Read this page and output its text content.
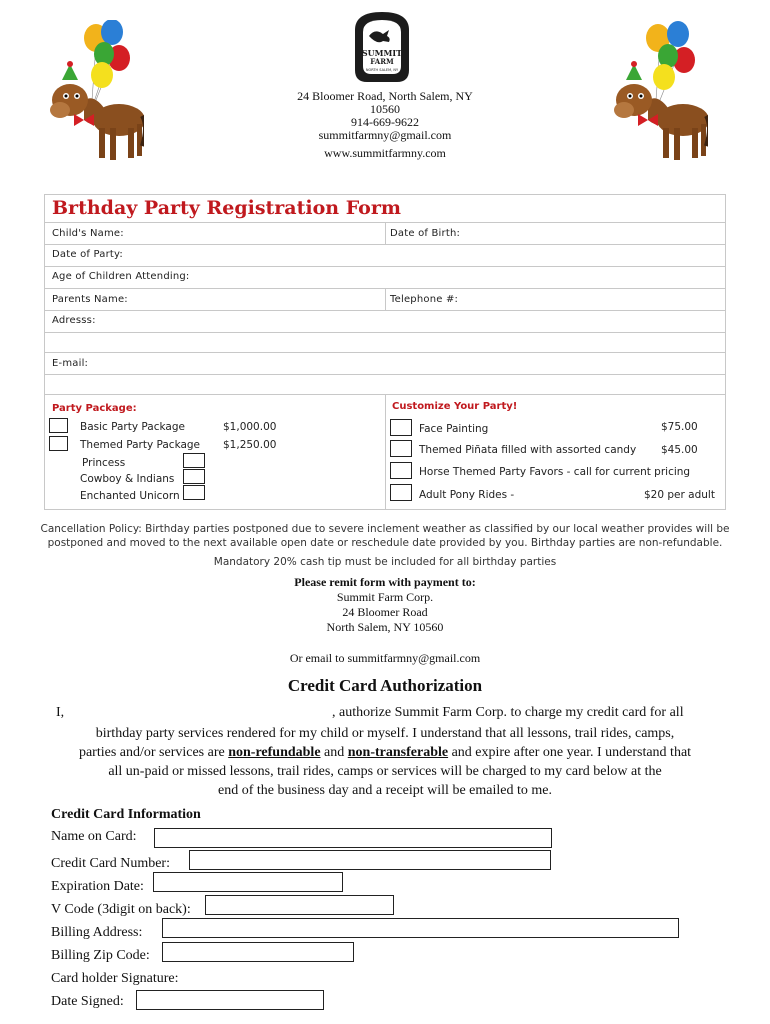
SUMMIT
FARM
NORTH SALEM, NY
24 Bloomer Road, North Salem, NY
10560
914-669-9622
summitfarmny@gmail.com
www.summitfarmny.com
Brthday Party Registration Form
Child's Name:	Date of Birth:
Date of Party:
Age of Children Attending:
Parents Name:	Telephone #:
Adresss:
E-mail:
Party Package:	Customize Your Party!
Basic Party Package	$1,000.00
Themed Party Package $1,250.00
Princess
Cowboy & Indians
Enchanted Unicorn
Face Painting	$75.00
Themed Piñata filled with assorted candy $45.00
Horse Themed Party Favors - call for current pricing
Adult Pony Rides -	$20 per adult
Cancellation Policy: Birthday parties postponed due to severe inclement weather as classified by our local weather provides will be
postponed and moved to the next available open date or reschedule date provided by you. Birthday parties are non-refundable.
Mandatory 20% cash tip must be included for all birthday parties
Please remit form with payment to:
Summit Farm Corp.
24 Bloomer Road
North Salem, NY 10560
Or email to summitfarmny@gmail.com
Credit Card Authorization
I,	, authorize Summit Farm Corp. to charge my credit card for all
birthday party services rendered for my child or myself. I understand that all lessons, trail rides, camps,
parties and/or services are non-refundable and non-transferable and expire after one year. I understand that
all un-paid or missed lessons, trail rides, camps or services will be charged to my card below at the
end of the business day and a receipt will be emailed to me.
Credit Card Information
Name on Card:
Credit Card Number:
Expiration Date:
V Code (3digit on back):
Billing Address:
Billing Zip Code:
Card holder Signature:
Date Signed:
